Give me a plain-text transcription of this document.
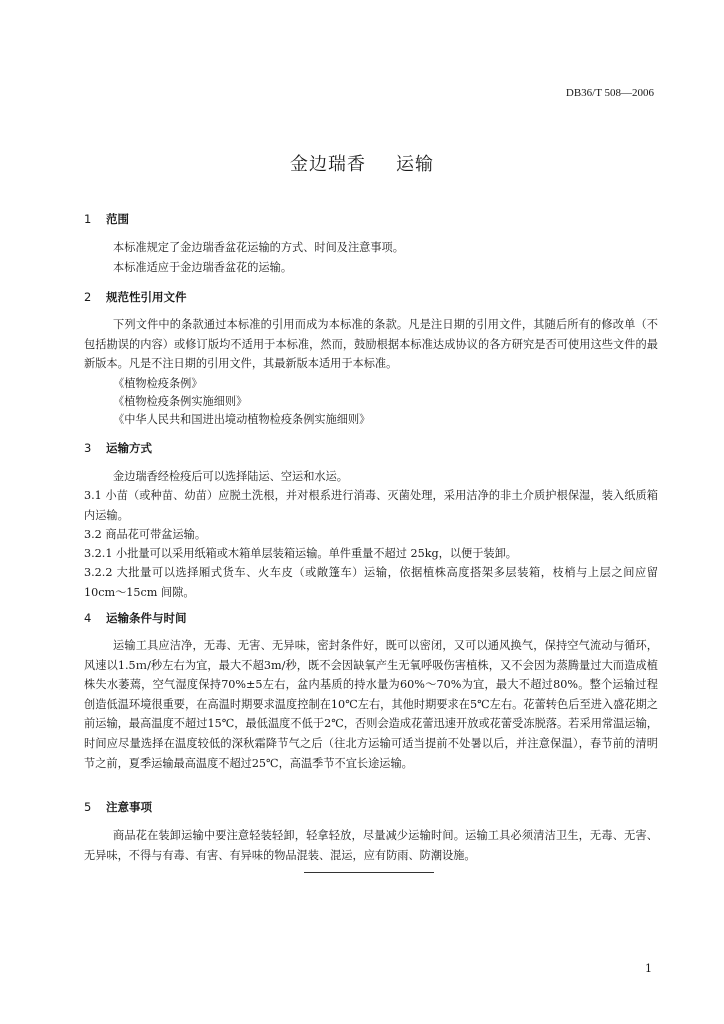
DB36/T 508—2006
金边瑞香 运输
1 范围
本标准规定了金边瑞香盆花运输的方式、时间及注意事项。
本标准适应于金边瑞香盆花的运输。
2 规范性引用文件
下列文件中的条款通过本标准的引用而成为本标准的条款。凡是注日期的引用文件，其随后所有的修改单（不包括勘误的内容）或修订版均不适用于本标准，然而，鼓励根据本标准达成协议的各方研究是否可使用这些文件的最新版本。凡是不注日期的引用文件，其最新版本适用于本标准。
《植物检疫条例》
《植物检疫条例实施细则》
《中华人民共和国进出境动植物检疫条例实施细则》
3 运输方式
金边瑞香经检疫后可以选择陆运、空运和水运。
3.1 小苗（或种苗、幼苗）应脱土洗根，并对根系进行消毒、灭菌处理，采用洁净的非土介质护根保湿，装入纸质箱内运输。
3.2 商品花可带盆运输。
3.2.1 小批量可以采用纸箱或木箱单层装箱运输。单件重量不超过 25kg，以便于装卸。
3.2.2 大批量可以选择厢式货车、火车皮（或敞篷车）运输，依据植株高度搭架多层装箱，枝梢与上层之间应留 10cm～15cm 间隙。
4 运输条件与时间
运输工具应洁净，无毒、无害、无异味，密封条件好，既可以密闭，又可以通风换气，保持空气流动与循环，风速以1.5ｍ/秒左右为宜，最大不超3m/秒，既不会因缺氧产生无氧呼吸伤害植株，又不会因为蒸腾量过大而造成植株失水萎蔫，空气湿度保持70%±5左右，盆内基质的持水量为60%～70%为宜，最大不超过80%。整个运输过程创造低温环境很重要，在高温时期要求温度控制在10℃左右，其他时期要求在5℃左右。花蕾转色后至进入盛花期之前运输，最高温度不超过15℃，最低温度不低于2℃，否则会造成花蕾迅速开放或花蕾受冻脱落。若采用常温运输，时间应尽量选择在温度较低的深秋霜降节气之后（往北方运输可适当提前不处暑以后，并注意保温），春节前的清明节之前，夏季运输最高温度不超过25℃，高温季节不宜长途运输。
5 注意事项
商品花在装卸运输中要注意轻装轻卸，轻拿轻放，尽量减少运输时间。运输工具必须清洁卫生，无毒、无害、无异味，不得与有毒、有害、有异味的物品混装、混运，应有防雨、防潮设施。
1
